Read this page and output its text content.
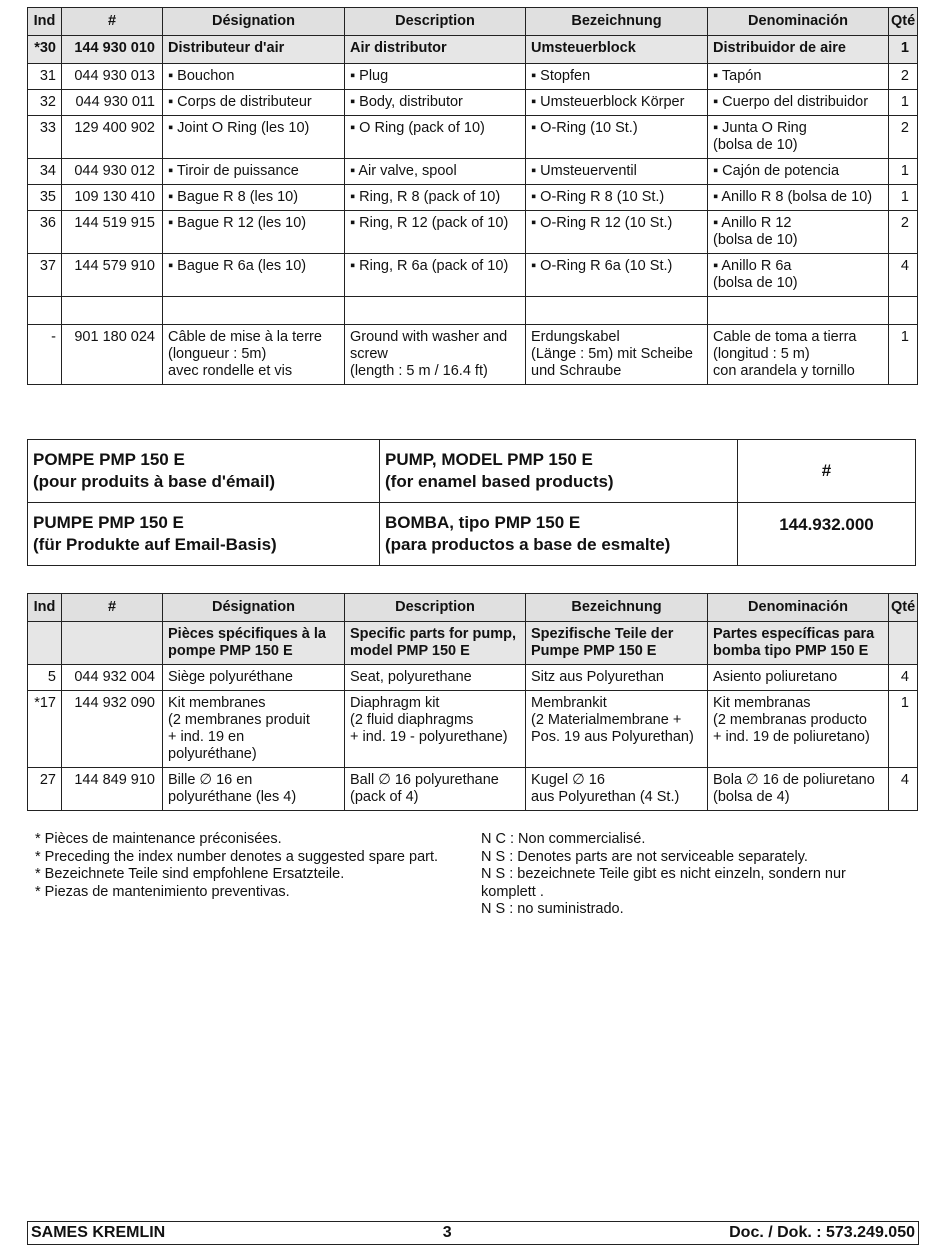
Ind	#	Désignation	Description	Bezeichnung	Denominación	Qté
*30	144 930 010	Distributeur d'air	Air distributor	Umsteuerblock	Distribuidor de aire	1
31	044 930 013	▪ Bouchon	▪ Plug	▪ Stopfen	▪ Tapón	2
32	044 930 011	▪ Corps de distributeur	▪ Body, distributor	▪ Umsteuerblock Körper	▪ Cuerpo del distribuidor	1
33	129 400 902	▪ Joint O Ring (les 10)	▪ O Ring (pack of 10)	▪ O-Ring (10 St.)	▪ Junta O Ring
(bolsa de 10)	2
34	044 930 012	▪ Tiroir de puissance	▪ Air valve, spool	▪ Umsteuerventil	▪ Cajón de potencia	1
35	109 130 410	▪ Bague R 8 (les 10)	▪ Ring, R 8 (pack of 10)	▪ O-Ring R 8 (10 St.)	▪ Anillo R 8 (bolsa de 10)	1
36	144 519 915	▪ Bague R 12 (les 10)	▪ Ring, R 12 (pack of 10)	▪ O-Ring R 12 (10 St.)	▪ Anillo R 12
(bolsa de 10)	2
37	144 579 910	▪ Bague R 6a (les 10)	▪ Ring, R 6a (pack of 10)	▪ O-Ring R 6a (10 St.)	▪ Anillo R 6a
(bolsa de 10)	4

-	901 180 024	Câble de mise à la terre
(longueur : 5m)
avec rondelle et vis	Ground with washer and
screw
(length : 5 m / 16.4 ft)	Erdungskabel
(Länge : 5m) mit Scheibe
und Schraube	Cable de toma a tierra
(longitud : 5 m)
con arandela y tornillo	1
POMPE PMP 150 E
(pour produits à base d'émail)	PUMP, MODEL PMP 150 E
(for enamel based products)	#
PUMPE PMP 150 E
(für Produkte auf Email-Basis)	BOMBA, tipo PMP 150 E
(para productos a base de esmalte)	144.932.000
Ind	#	Désignation	Description	Bezeichnung	Denominación	Qté
		Pièces spécifiques à la
pompe PMP 150 E	Specific parts for pump,
model PMP 150 E	Spezifische Teile der
Pumpe PMP 150 E	Partes específicas para
bomba tipo PMP 150 E	
5	044 932 004	Siège polyuréthane	Seat, polyurethane	Sitz aus Polyurethan	Asiento poliuretano	4
*17	144 932 090	Kit membranes
(2 membranes produit
+ ind. 19 en
polyuréthane)	Diaphragm kit
(2 fluid diaphragms
+ ind. 19 - polyurethane)	Membrankit
(2 Materialmembrane +
Pos. 19 aus Polyurethan)	Kit membranas
(2 membranas producto
+ ind. 19 de poliuretano)	1
27	144 849 910	Bille ∅ 16 en
polyuréthane (les 4)	Ball ∅ 16 polyurethane
(pack of 4)	Kugel ∅ 16
aus Polyurethan (4 St.)	Bola ∅ 16 de poliuretano
(bolsa de 4)	4
* Pièces de maintenance préconisées.
* Preceding the index number denotes a suggested spare part.
* Bezeichnete Teile sind empfohlene Ersatzteile.
* Piezas de mantenimiento preventivas.
N C : Non commercialisé.
N S : Denotes parts are not serviceable separately.
N S : bezeichnete Teile gibt es nicht einzeln, sondern nur komplett .
N S : no suministrado.
SAMES KREMLIN	3	Doc. / Dok. : 573.249.050
